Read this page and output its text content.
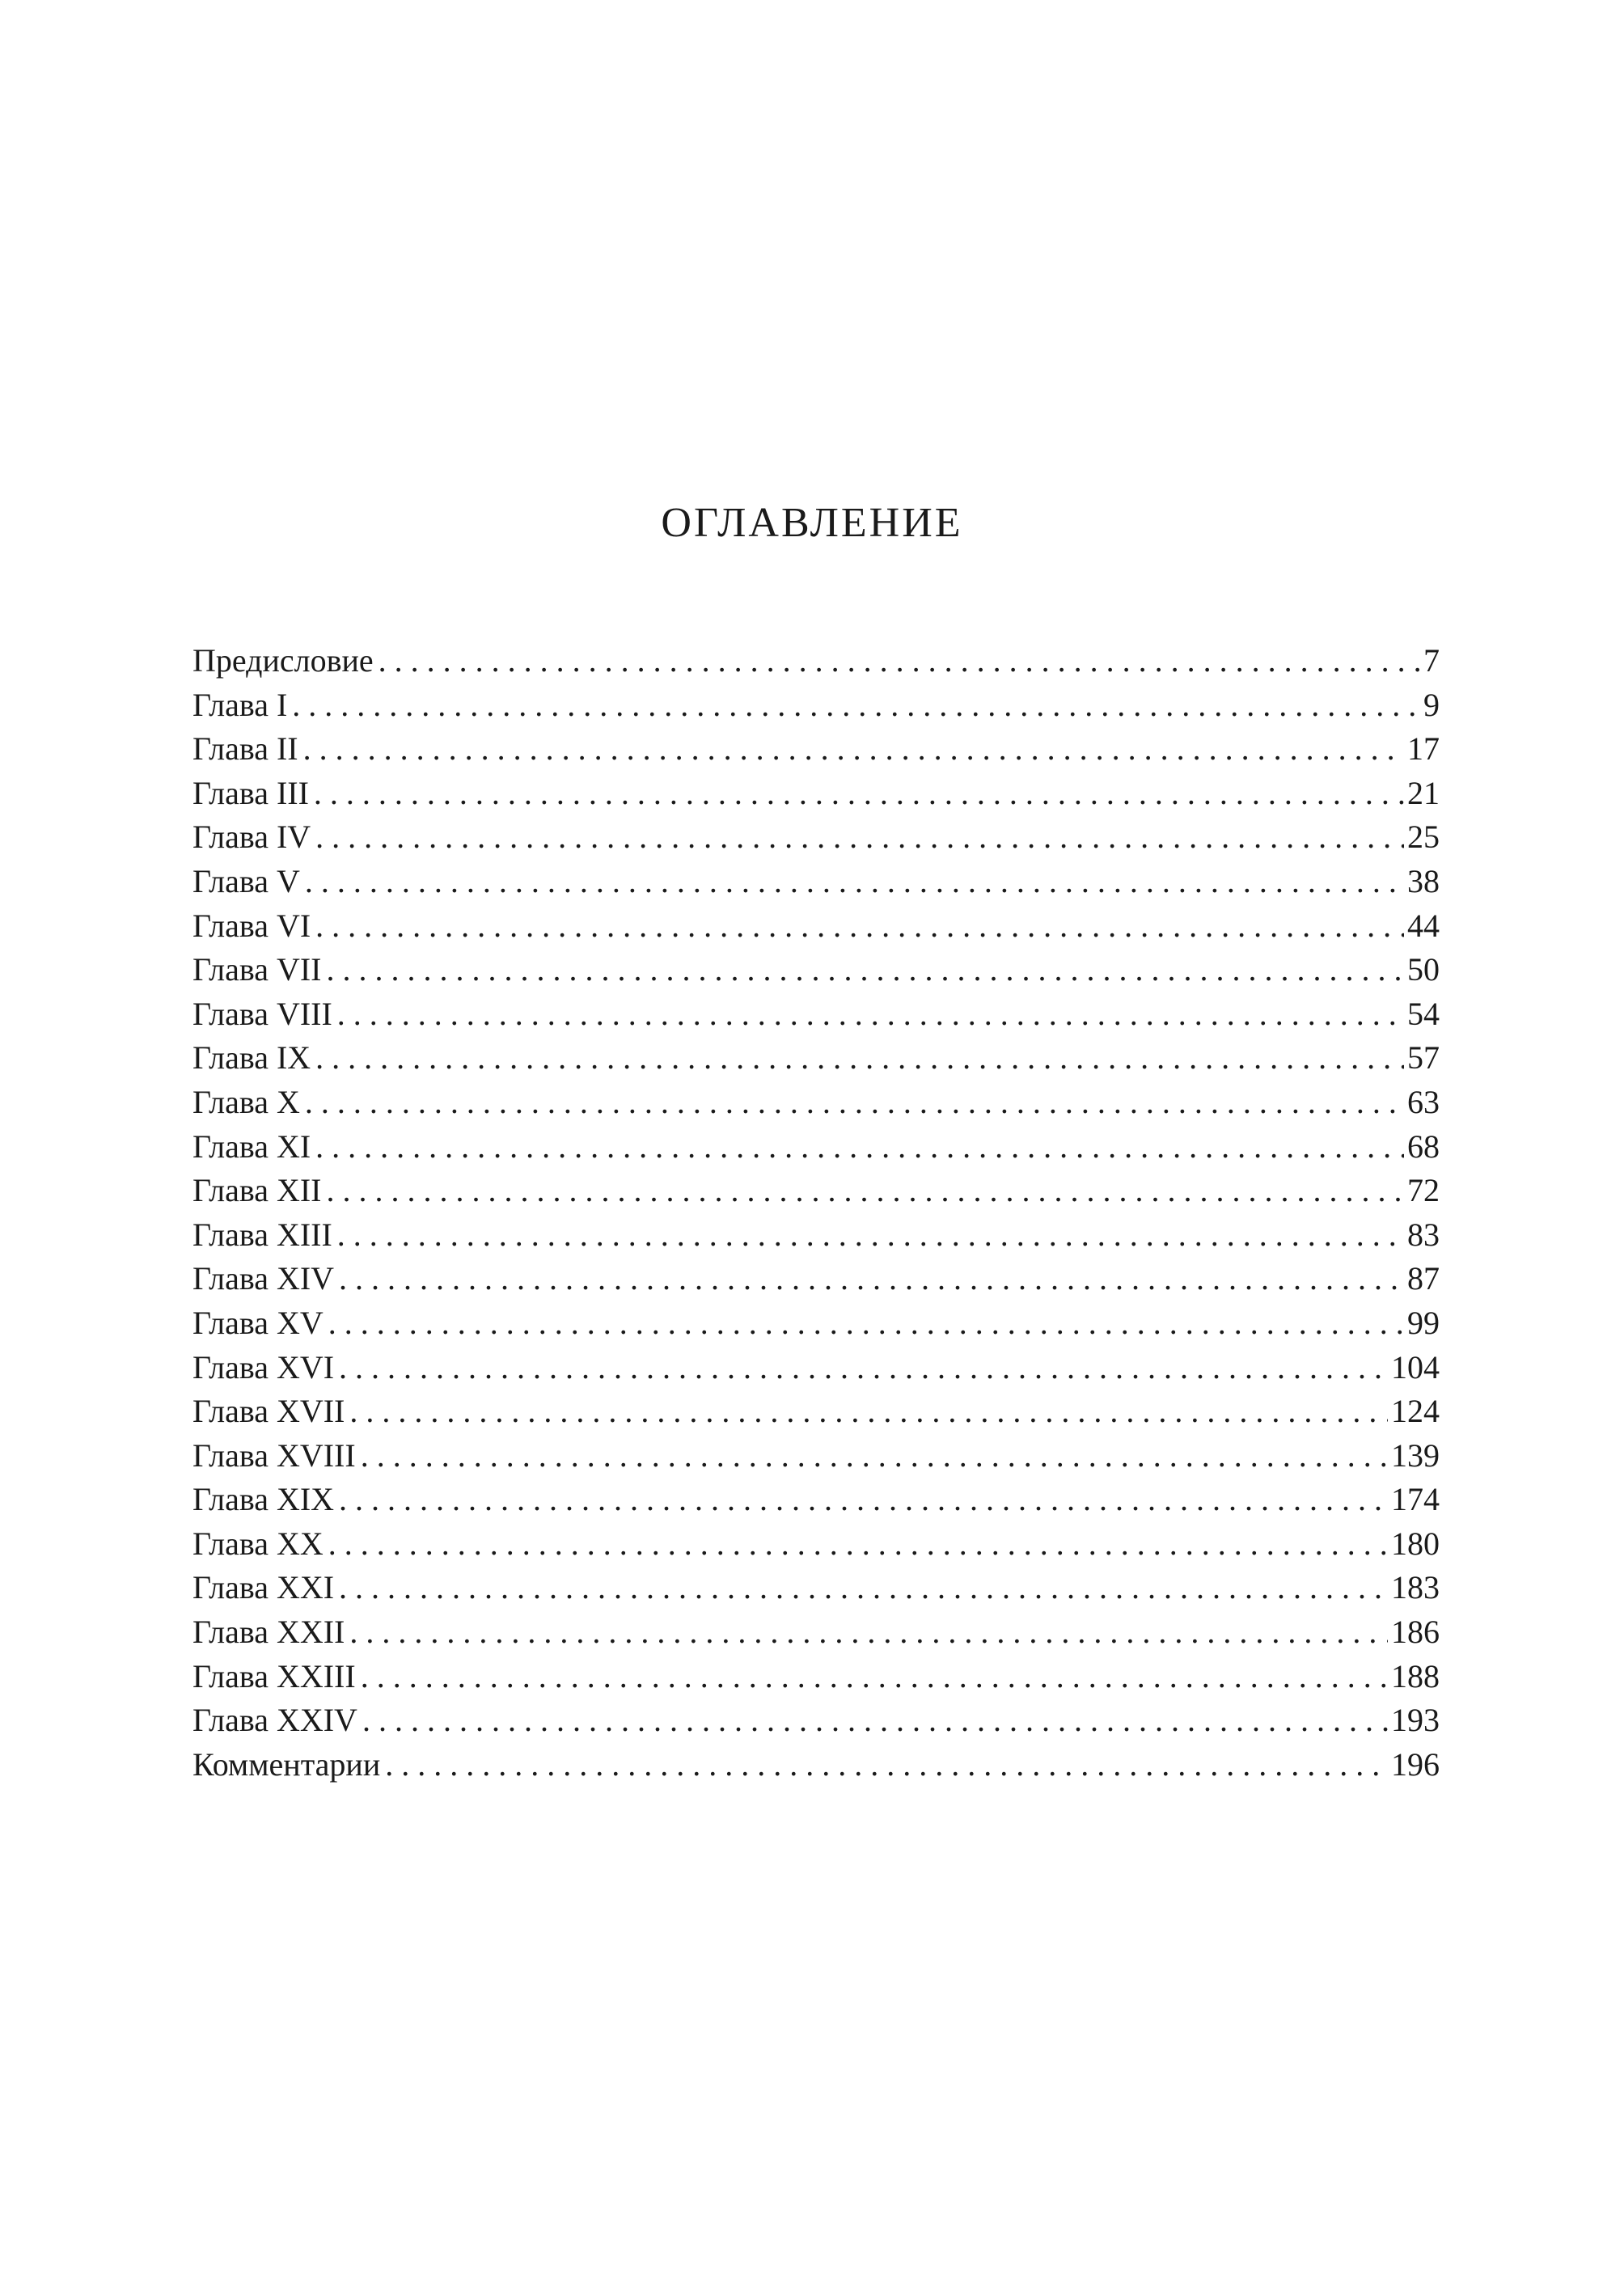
ОГЛАВЛЕНИЕ
Предисловие . . .	7
Глава I . . .	9
Глава II . . .	17
Глава III . . .	21
Глава IV . . .	25
Глава V . . .	38
Глава VI . . .	44
Глава VII . . .	50
Глава VIII . . .	54
Глава IX . . .	57
Глава X . . .	63
Глава XI . . .	68
Глава XII . . .	72
Глава XIII . . .	83
Глава XIV . . .	87
Глава XV . . .	99
Глава XVI . . .	104
Глава XVII . . .	124
Глава XVIII . . .	139
Глава XIX . . .	174
Глава XX . . .	180
Глава XXI . . .	183
Глава XXII . . .	186
Глава XXIII . . .	188
Глава XXIV . . .	193
Комментарии . . .	196
